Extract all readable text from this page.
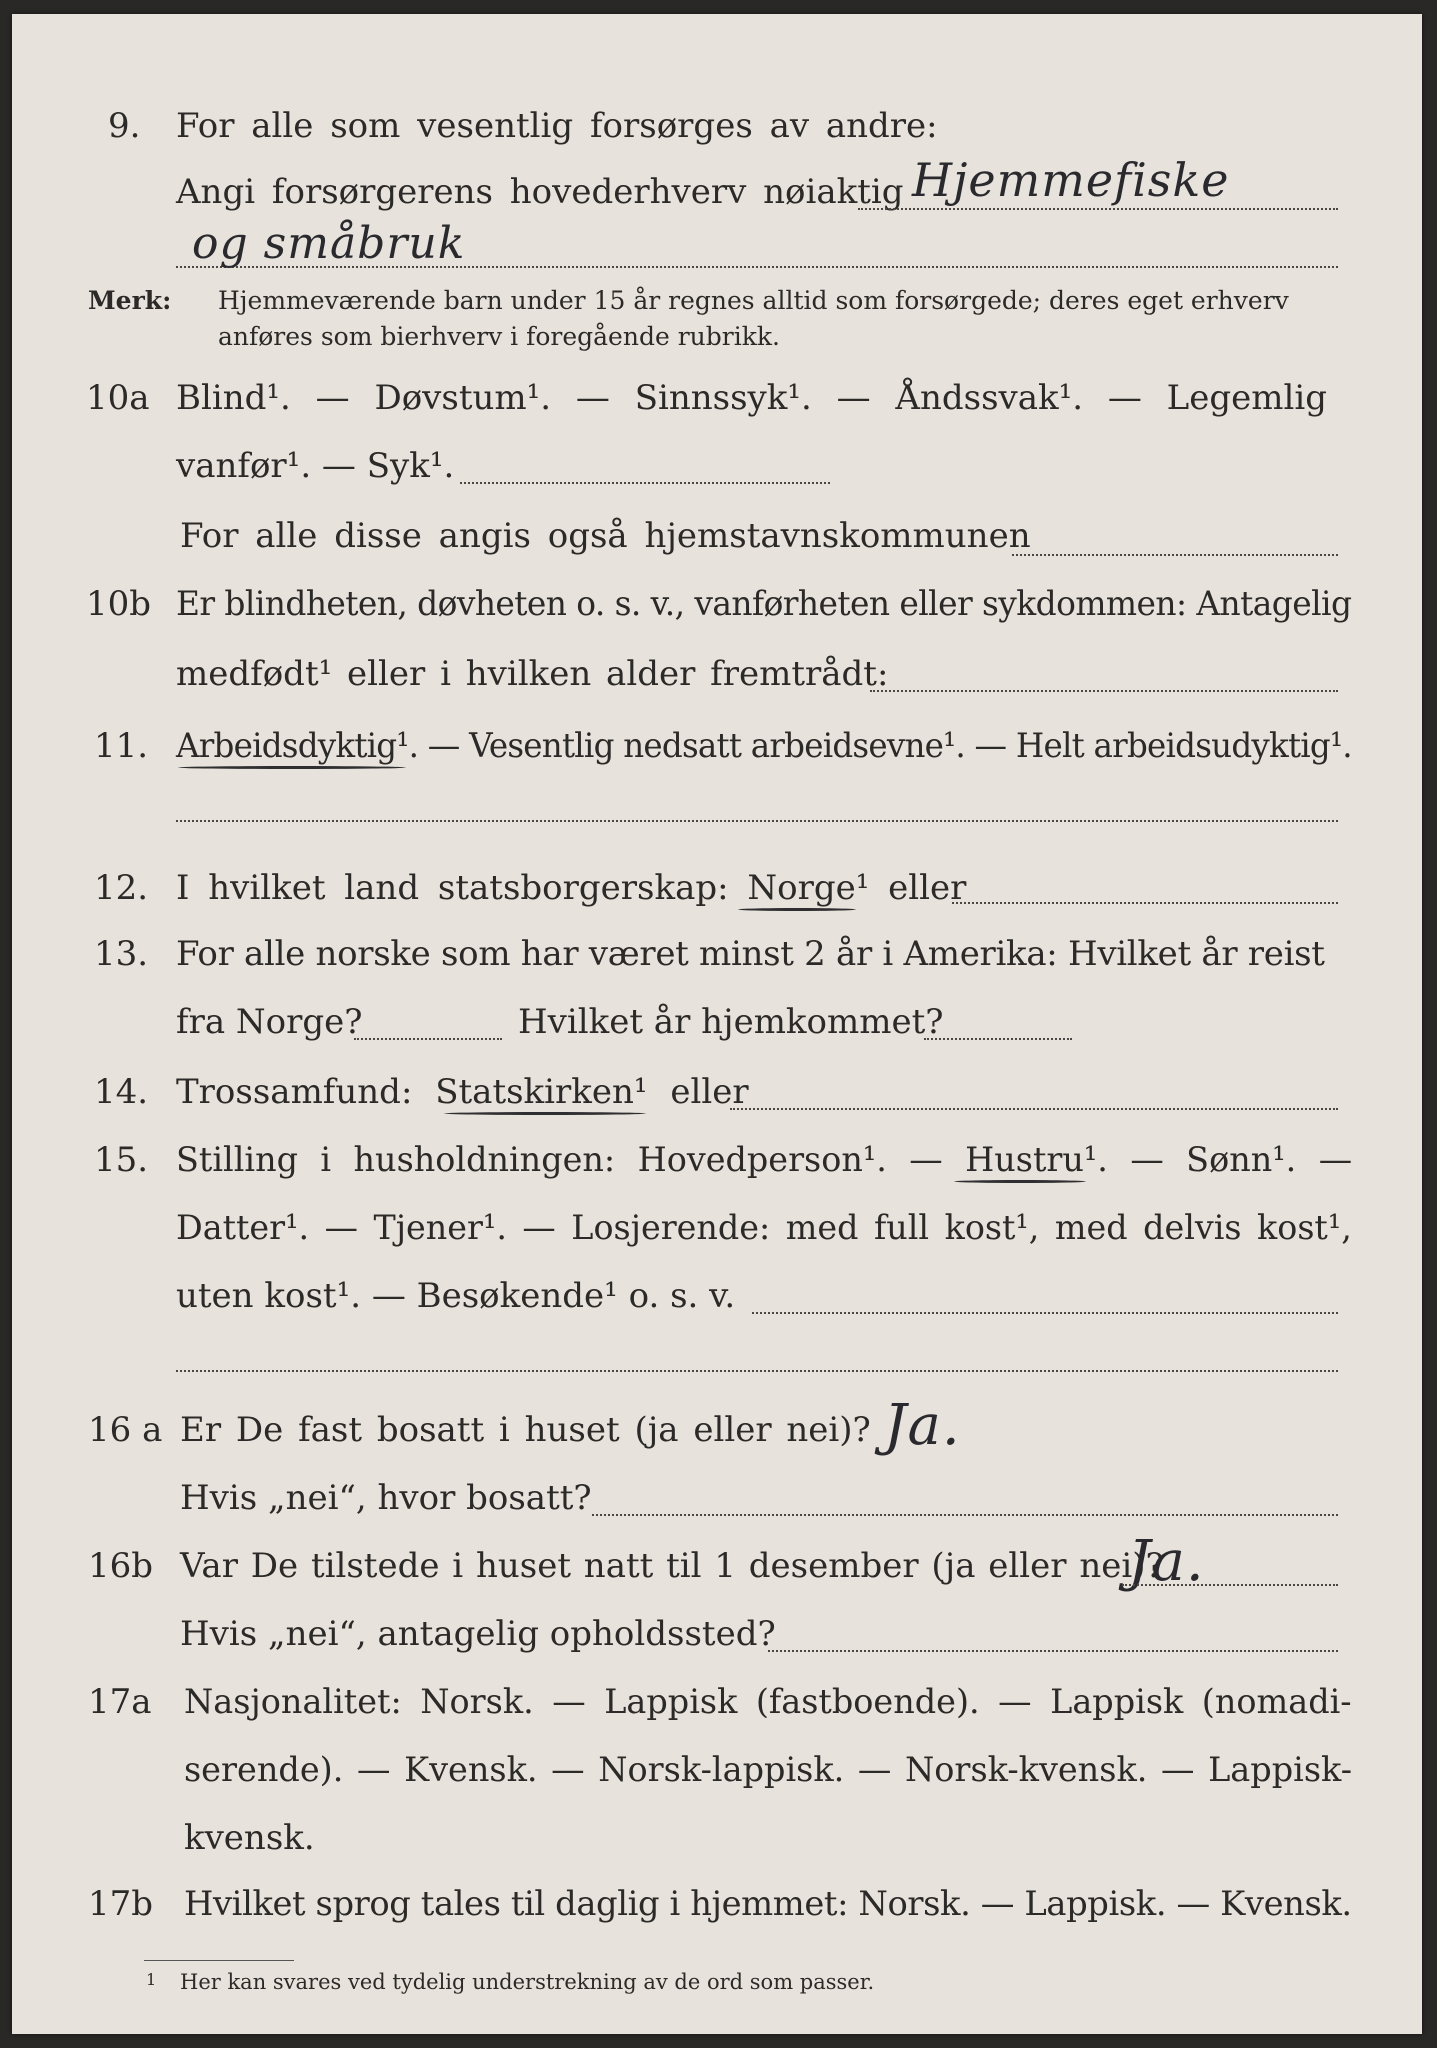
9. For alle som vesentlig forsørges av andre:
Angi forsørgerens hovederhverv nøiaktig Hjemmefiske
og småbruk
Merk: Hjemmeværende barn under 15 år regnes alltid som forsørgede; deres eget erhverv
anføres som bierhverv i foregående rubrikk.
10a Blind¹. — Døvstum¹. — Sinnssyk¹. — Åndssvak¹. — Legemlig
vanfør¹. — Syk¹.
For alle disse angis også hjemstavnskommunen
10b Er blindheten, døvheten o. s. v., vanførheten eller sykdommen: Antagelig
medfødt¹ eller i hvilken alder fremtrådt:
11. Arbeidsdyktig¹. — Vesentlig nedsatt arbeidsevne¹. — Helt arbeidsudyktig¹.
12. I hvilket land statsborgerskap: Norge¹ eller
13. For alle norske som har været minst 2 år i Amerika: Hvilket år reist
fra Norge?	Hvilket år hjemkommet?
14. Trossamfund: Statskirken¹ eller
15. Stilling i husholdningen: Hovedperson¹. — Hustru¹. — Sønn¹. —
Datter¹. — Tjener¹. — Losjerende: med full kost¹, med delvis kost¹,
uten kost¹. — Besøkende¹ o. s. v.
16 a Er De fast bosatt i huset (ja eller nei)? Ja.
Hvis „nei“, hvor bosatt?
16b Var De tilstede i huset natt til 1 desember (ja eller nei)?
Ja.
Hvis „nei“, antagelig opholdssted?
17a Nasjonalitet: Norsk. — Lappisk (fastboende). — Lappisk (nomadi-
serende). — Kvensk. — Norsk-lappisk. — Norsk-kvensk. — Lappisk-
kvensk.
17b Hvilket sprog tales til daglig i hjemmet: Norsk. — Lappisk. — Kvensk.
1 Her kan svares ved tydelig understrekning av de ord som passer.
